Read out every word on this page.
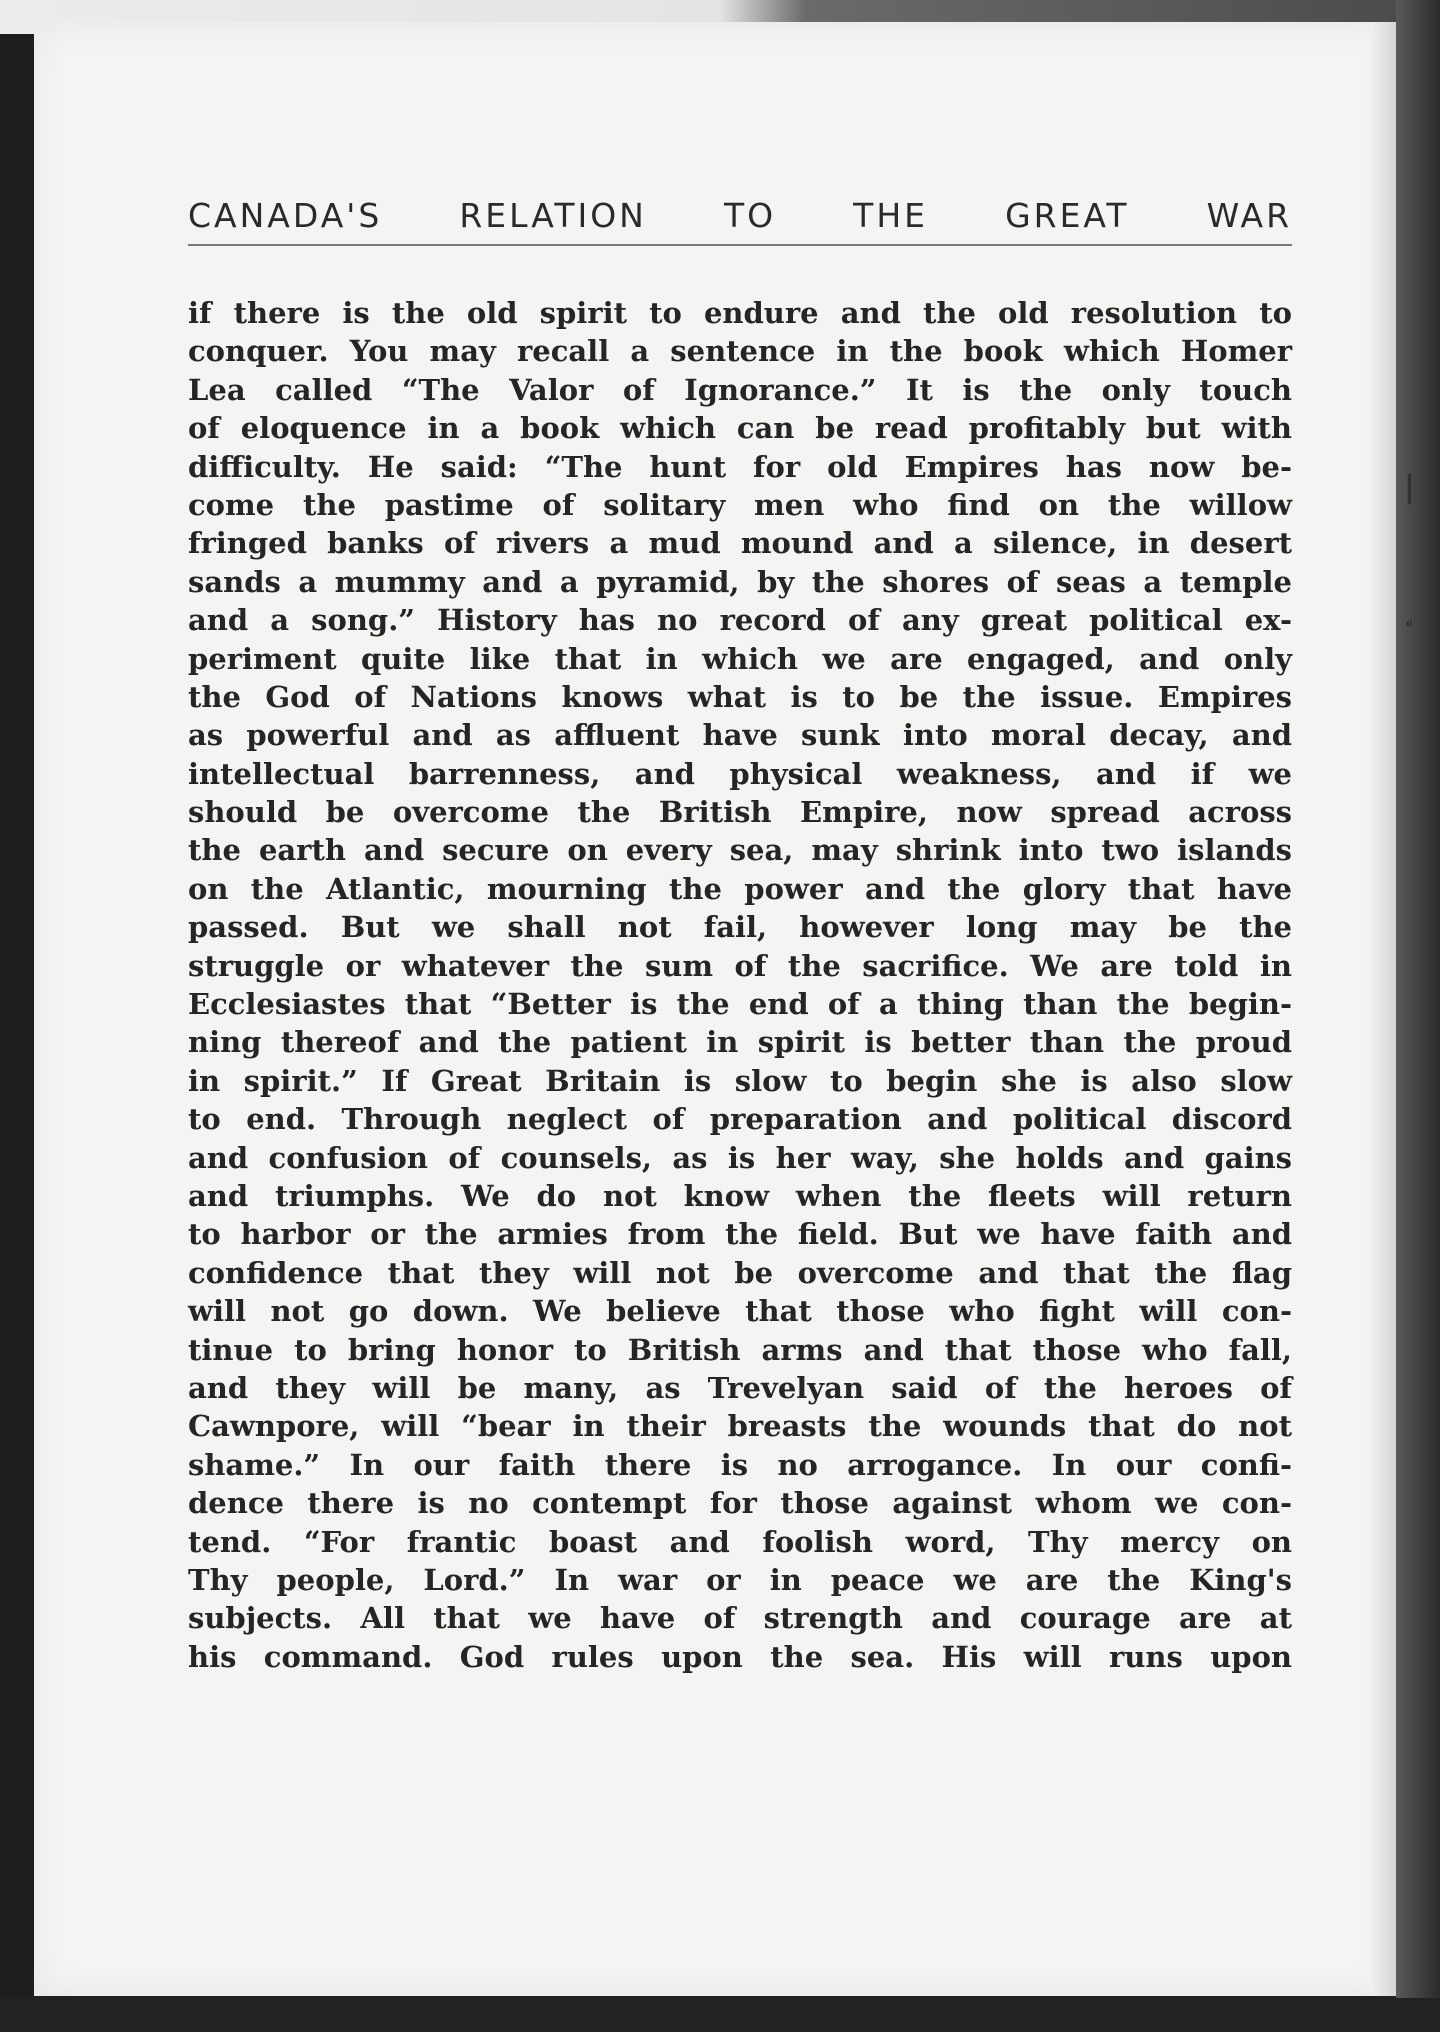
CANADA'S RELATION TO THE GREAT WAR
if there is the old spirit to endure and the old resolution to
conquer. You may recall a sentence in the book which Homer
Lea called “The Valor of Ignorance.” It is the only touch
of eloquence in a book which can be read profitably but with
difficulty. He said: “The hunt for old Empires has now be-
come the pastime of solitary men who find on the willow
fringed banks of rivers a mud mound and a silence, in desert
sands a mummy and a pyramid, by the shores of seas a temple
and a song.” History has no record of any great political ex-
periment quite like that in which we are engaged, and only
the God of Nations knows what is to be the issue. Empires
as powerful and as affluent have sunk into moral decay, and
intellectual barrenness, and physical weakness, and if we
should be overcome the British Empire, now spread across
the earth and secure on every sea, may shrink into two islands
on the Atlantic, mourning the power and the glory that have
passed. But we shall not fail, however long may be the
struggle or whatever the sum of the sacrifice. We are told in
Ecclesiastes that “Better is the end of a thing than the begin-
ning thereof and the patient in spirit is better than the proud
in spirit.” If Great Britain is slow to begin she is also slow
to end. Through neglect of preparation and political discord
and confusion of counsels, as is her way, she holds and gains
and triumphs. We do not know when the fleets will return
to harbor or the armies from the field. But we have faith and
confidence that they will not be overcome and that the flag
will not go down. We believe that those who fight will con-
tinue to bring honor to British arms and that those who fall,
and they will be many, as Trevelyan said of the heroes of
Cawnpore, will “bear in their breasts the wounds that do not
shame.” In our faith there is no arrogance. In our confi-
dence there is no contempt for those against whom we con-
tend. “For frantic boast and foolish word, Thy mercy on
Thy people, Lord.” In war or in peace we are the King's
subjects. All that we have of strength and courage are at
his command. God rules upon the sea. His will runs upon
|
⁌
